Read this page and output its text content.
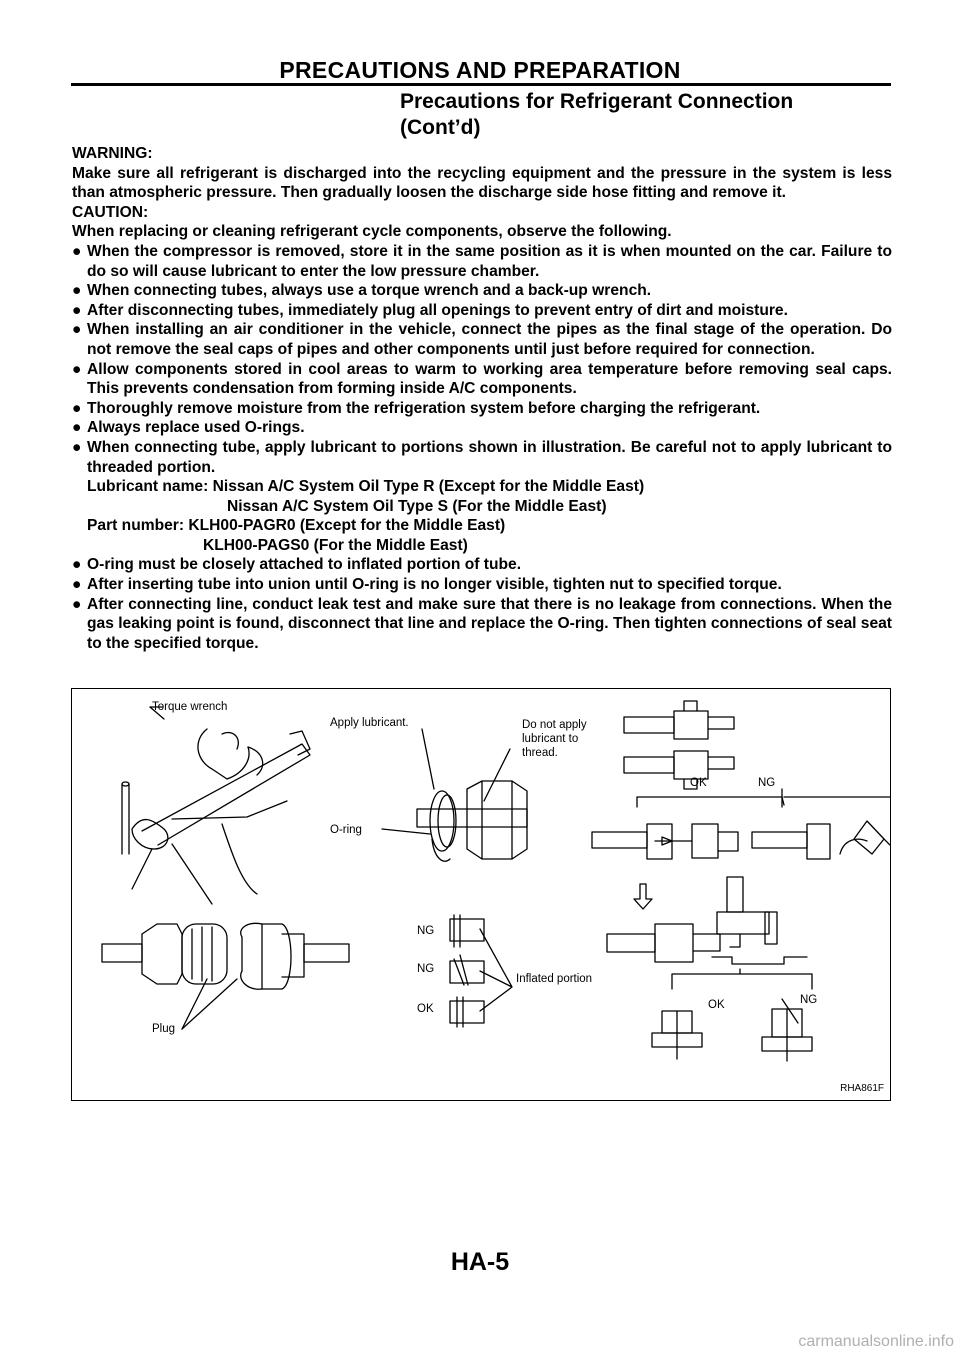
PRECAUTIONS AND PREPARATION
Precautions for Refrigerant Connection
(Cont’d)

WARNING:

Make sure all refrigerant is discharged into the recycling equipment and the pressure in the system is less than atmospheric pressure. Then gradually loosen the discharge side hose fitting and remove it.

CAUTION:

When replacing or cleaning refrigerant cycle components, observe the following.

● When the compressor is removed, store it in the same position as it is when mounted on the car. Failure to do so will cause lubricant to enter the low pressure chamber.

● When connecting tubes, always use a torque wrench and a back-up wrench.

● After disconnecting tubes, immediately plug all openings to prevent entry of dirt and moisture.

● When installing an air conditioner in the vehicle, connect the pipes as the final stage of the operation. Do not remove the seal caps of pipes and other components until just before required for connection.

● Allow components stored in cool areas to warm to working area temperature before removing seal caps. This prevents condensation from forming inside A/C components.

● Thoroughly remove moisture from the refrigeration system before charging the refrigerant.

● Always replace used O-rings.

● When connecting tube, apply lubricant to portions shown in illustration. Be careful not to apply lubricant to threaded portion.

Lubricant name: Nissan A/C System Oil Type R (Except for the Middle East)

Nissan A/C System Oil Type S (For the Middle East)

Part number: KLH00-PAGR0 (Except for the Middle East)

KLH00-PAGS0 (For the Middle East)

● O-ring must be closely attached to inflated portion of tube.

● After inserting tube into union until O-ring is no longer visible, tighten nut to specified torque.

● After connecting line, conduct leak test and make sure that there is no leakage from connections. When the gas leaking point is found, disconnect that line and replace the O-ring. Then tighten connections of seal seat to the specified torque.

Torque wrench
Apply lubricant.	Do not apply
lubricant to
thread.
O-ring
OK	NG
NG
NG
OK
Inflated portion
OK	NG
Plug
RHA861F
HA-5
carmanualsonline.info
